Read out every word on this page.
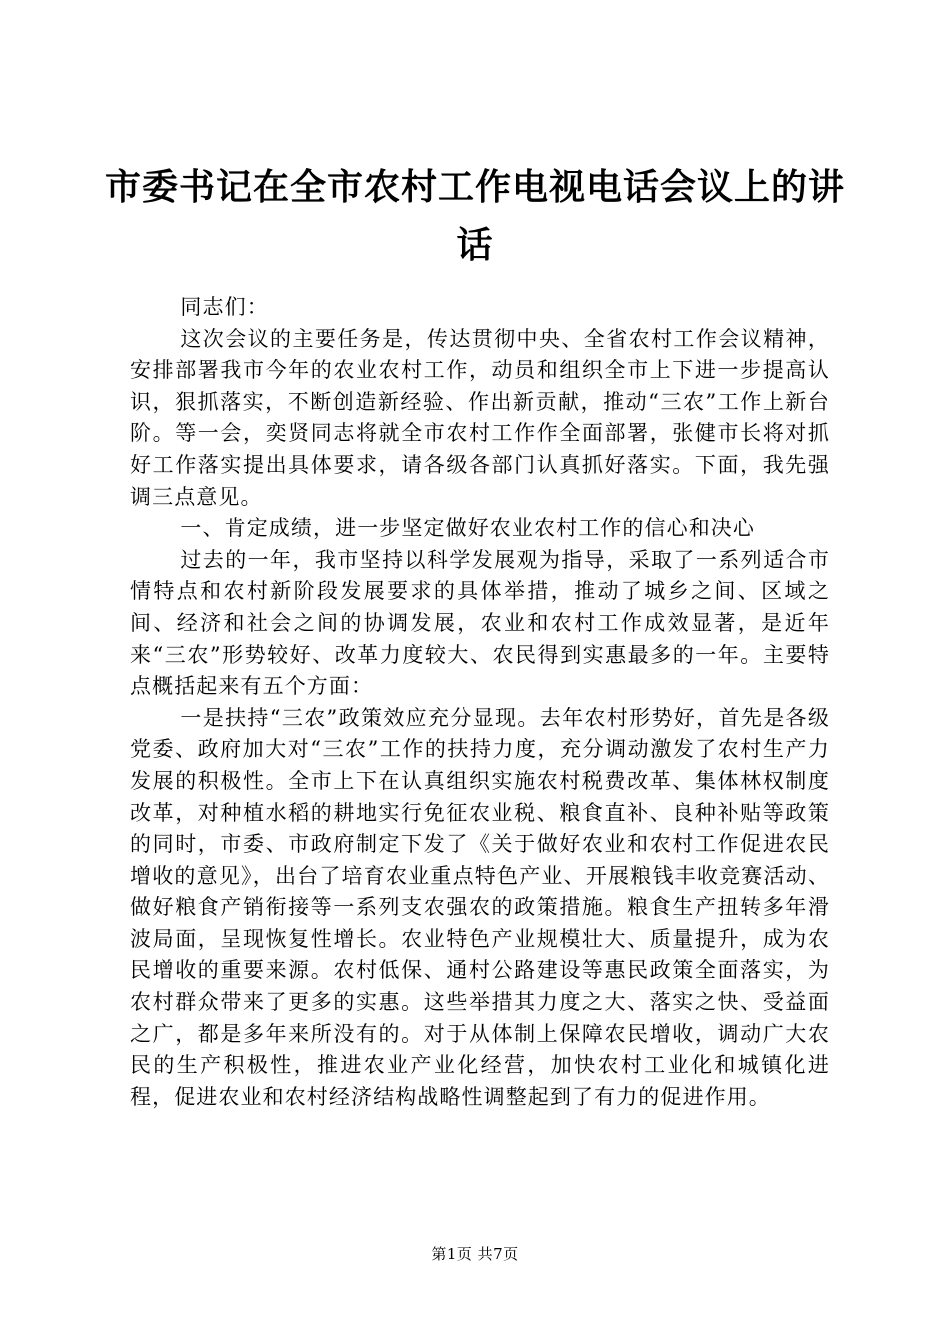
市委书记在全市农村工作电视电话会议上的讲话

同志们：

这次会议的主要任务是，传达贯彻中央、全省农村工作会议精神，安排部署我市今年的农业农村工作，动员和组织全市上下进一步提高认识，狠抓落实，不断创造新经验、作出新贡献，推动“三农”工作上新台阶。等一会，奕贤同志将就全市农村工作作全面部署，张健市长将对抓好工作落实提出具体要求，请各级各部门认真抓好落实。下面，我先强调三点意见。

一、肯定成绩，进一步坚定做好农业农村工作的信心和决心

过去的一年，我市坚持以科学发展观为指导，采取了一系列适合市情特点和农村新阶段发展要求的具体举措，推动了城乡之间、区域之间、经济和社会之间的协调发展，农业和农村工作成效显著，是近年来“三农”形势较好、改革力度较大、农民得到实惠最多的一年。主要特点概括起来有五个方面：

一是扶持“三农”政策效应充分显现。去年农村形势好，首先是各级党委、政府加大对“三农”工作的扶持力度，充分调动激发了农村生产力发展的积极性。全市上下在认真组织实施农村税费改革、集体林权制度改革，对种植水稻的耕地实行免征农业税、粮食直补、良种补贴等政策的同时，市委、市政府制定下发了《关于做好农业和农村工作促进农民增收的意见》，出台了培育农业重点特色产业、开展粮钱丰收竞赛活动、做好粮食产销衔接等一系列支农强农的政策措施。粮食生产扭转多年滑波局面，呈现恢复性增长。农业特色产业规模壮大、质量提升，成为农民增收的重要来源。农村低保、通村公路建设等惠民政策全面落实，为农村群众带来了更多的实惠。这些举措其力度之大、落实之快、受益面之广，都是多年来所没有的。对于从体制上保障农民增收，调动广大农民的生产积极性，推进农业产业化经营，加快农村工业化和城镇化进程，促进农业和农村经济结构战略性调整起到了有力的促进作用。

第1页 共7页
